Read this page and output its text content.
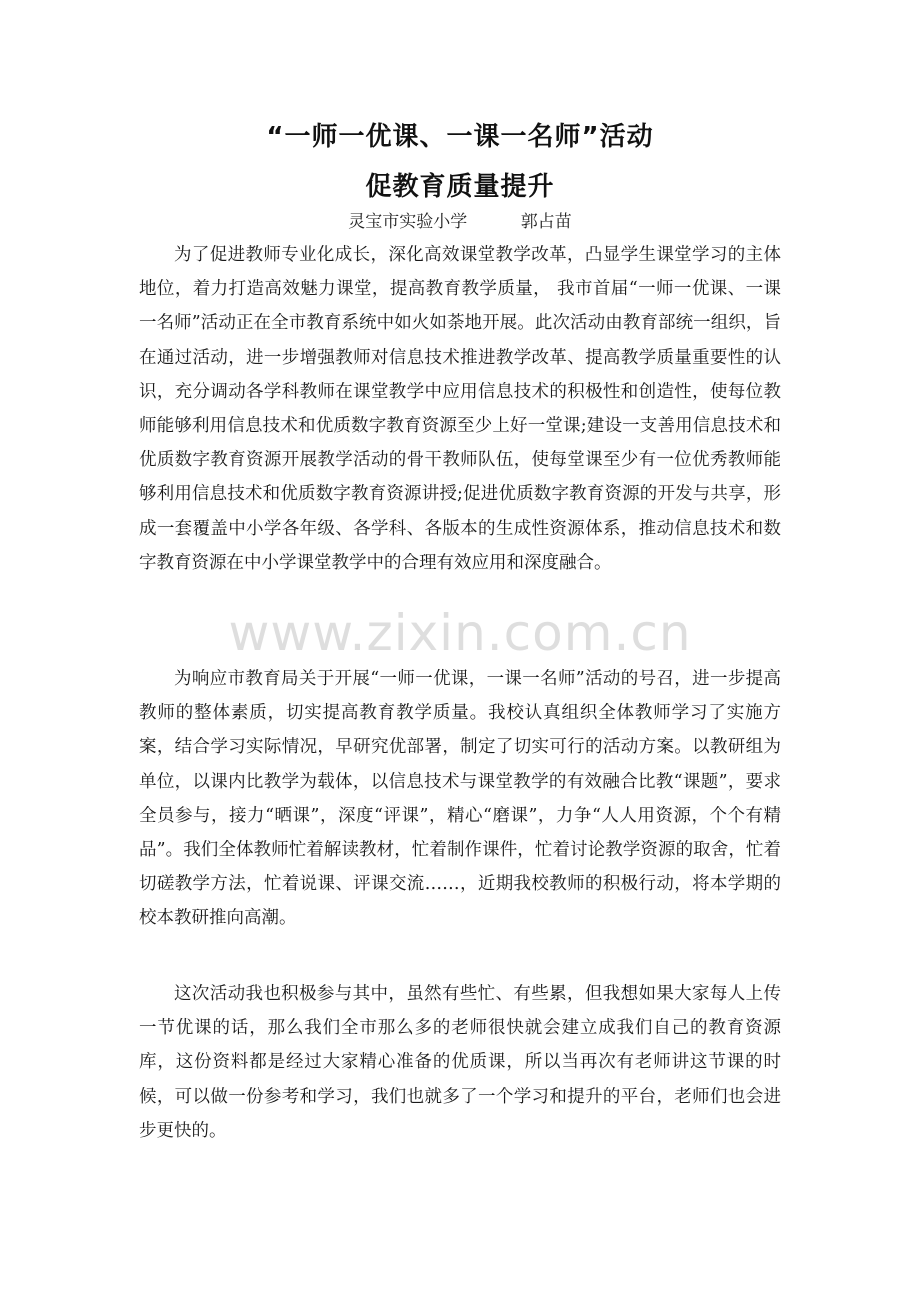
“一师一优课、一课一名师”活动
促教育质量提升
灵宝市实验小学	郭占苗

为了促进教师专业化成长，深化高效课堂教学改革，凸显学生课堂学习的主体地位，着力打造高效魅力课堂，提高教育教学质量， 我市首届“一师一优课、一课一名师”活动正在全市教育系统中如火如荼地开展。此次活动由教育部统一组织，旨在通过活动，进一步增强教师对信息技术推进教学改革、提高教学质量重要性的认识，充分调动各学科教师在课堂教学中应用信息技术的积极性和创造性，使每位教师能够利用信息技术和优质数字教育资源至少上好一堂课;建设一支善用信息技术和优质数字教育资源开展教学活动的骨干教师队伍，使每堂课至少有一位优秀教师能够利用信息技术和优质数字教育资源讲授;促进优质数字教育资源的开发与共享，形成一套覆盖中小学各年级、各学科、各版本的生成性资源体系，推动信息技术和数字教育资源在中小学课堂教学中的合理有效应用和深度融合。

www.zixin.com.cn

为响应市教育局关于开展“一师一优课，一课一名师”活动的号召，进一步提高教师的整体素质，切实提高教育教学质量。我校认真组织全体教师学习了实施方案，结合学习实际情况，早研究优部署，制定了切实可行的活动方案。以教研组为单位，以课内比教学为载体，以信息技术与课堂教学的有效融合比教“课题”，要求全员参与，接力“晒课”，深度“评课”，精心“磨课”，力争“人人用资源，个个有精品”。我们全体教师忙着解读教材，忙着制作课件，忙着讨论教学资源的取舍，忙着切磋教学方法，忙着说课、评课交流……，近期我校教师的积极行动，将本学期的校本教研推向高潮。

这次活动我也积极参与其中，虽然有些忙、有些累，但我想如果大家每人上传一节优课的话，那么我们全市那么多的老师很快就会建立成我们自己的教育资源库，这份资料都是经过大家精心准备的优质课，所以当再次有老师讲这节课的时候，可以做一份参考和学习，我们也就多了一个学习和提升的平台，老师们也会进步更快的。
